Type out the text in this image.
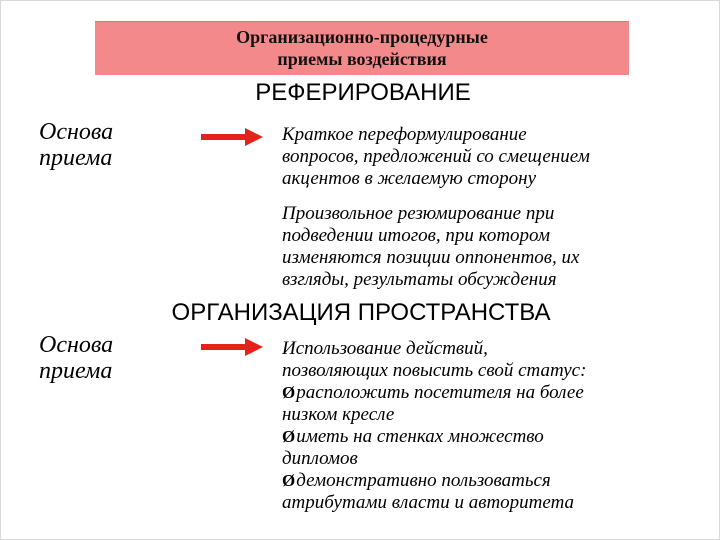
Организационно-процедурные
приемы воздействия
РЕФЕРИРОВАНИЕ
Основа
приема

Краткое переформулирование

вопросов, предложений со смещением

акцентов в желаемую сторону

Произвольное резюмирование при

подведении итогов, при котором

изменяются позиции оппонентов, их

взгляды, результаты обсуждения

ОРГАНИЗАЦИЯ ПРОСТРАНСТВА
Основа
приема

Использование действий,

позволяющих повысить свой статус:

Øрасположить посетителя на более

низком кресле

Øиметь на стенках множество

дипломов

Øдемонстративно пользоваться

атрибутами власти и авторитета
